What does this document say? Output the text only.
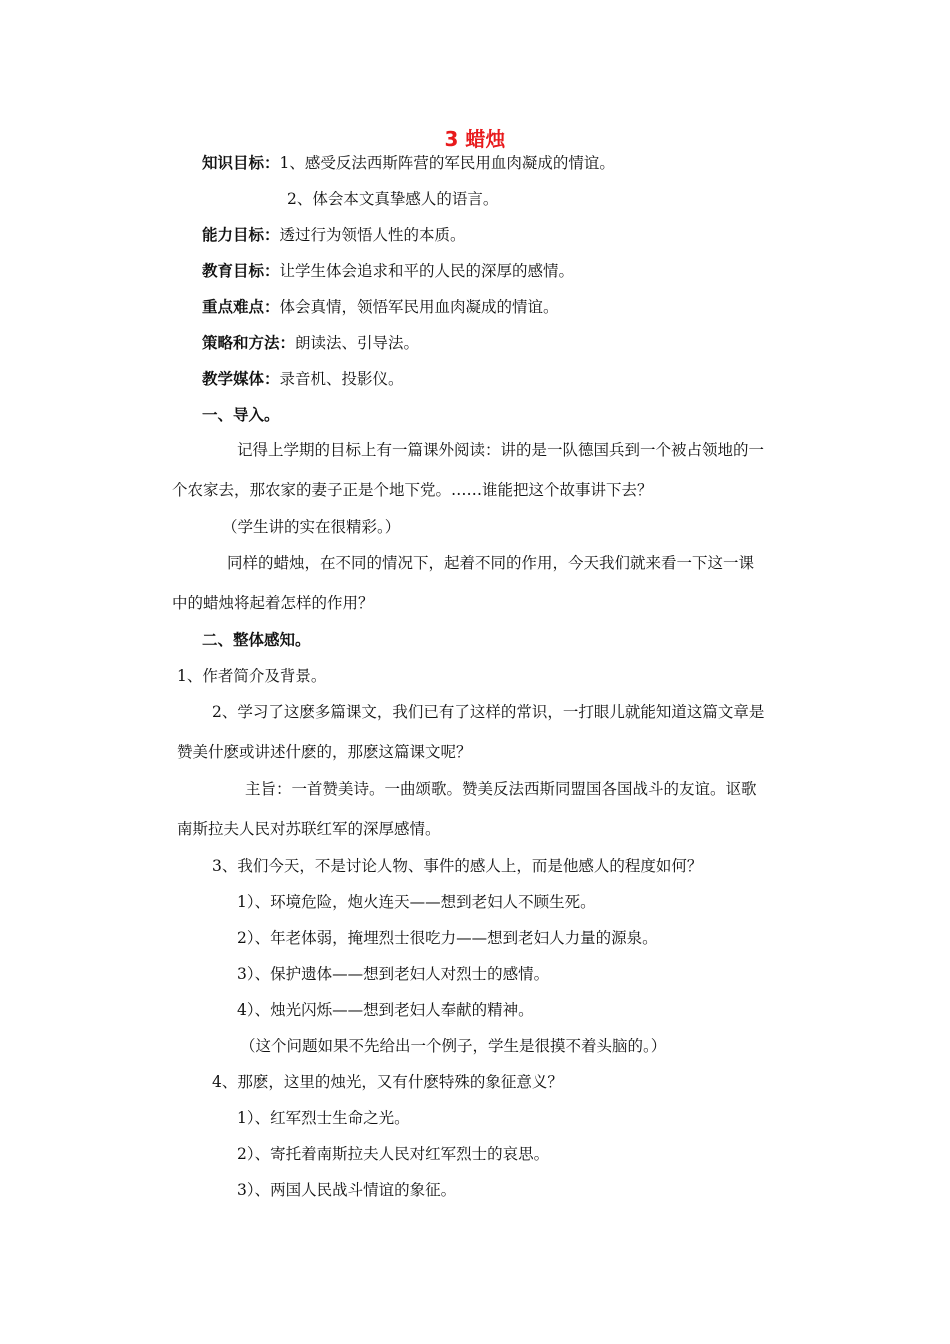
3 蜡烛
知识目标：1、感受反法西斯阵营的军民用血肉凝成的情谊。
2、体会本文真挚感人的语言。
能力目标：透过行为领悟人性的本质。
教育目标：让学生体会追求和平的人民的深厚的感情。
重点难点：体会真情，领悟军民用血肉凝成的情谊。
策略和方法：朗读法、引导法。
教学媒体：录音机、投影仪。
一、导入。
记得上学期的目标上有一篇课外阅读：讲的是一队德国兵到一个被占领地的一
个农家去，那农家的妻子正是个地下党。……谁能把这个故事讲下去？
（学生讲的实在很精彩。）
同样的蜡烛，在不同的情况下，起着不同的作用，今天我们就来看一下这一课
中的蜡烛将起着怎样的作用？
二、整体感知。
1、作者简介及背景。
2、学习了这麽多篇课文，我们已有了这样的常识，一打眼儿就能知道这篇文章是
赞美什麽或讲述什麽的，那麽这篇课文呢？
主旨：一首赞美诗。一曲颂歌。赞美反法西斯同盟国各国战斗的友谊。讴歌
南斯拉夫人民对苏联红军的深厚感情。
3、我们今天，不是讨论人物、事件的感人上，而是他感人的程度如何？
1）、环境危险，炮火连天——想到老妇人不顾生死。
2）、年老体弱，掩埋烈士很吃力——想到老妇人力量的源泉。
3）、保护遗体——想到老妇人对烈士的感情。
4）、烛光闪烁——想到老妇人奉献的精神。
（这个问题如果不先给出一个例子，学生是很摸不着头脑的。）
4、那麽，这里的烛光，又有什麽特殊的象征意义？
1）、红军烈士生命之光。
2）、寄托着南斯拉夫人民对红军烈士的哀思。
3）、两国人民战斗情谊的象征。
